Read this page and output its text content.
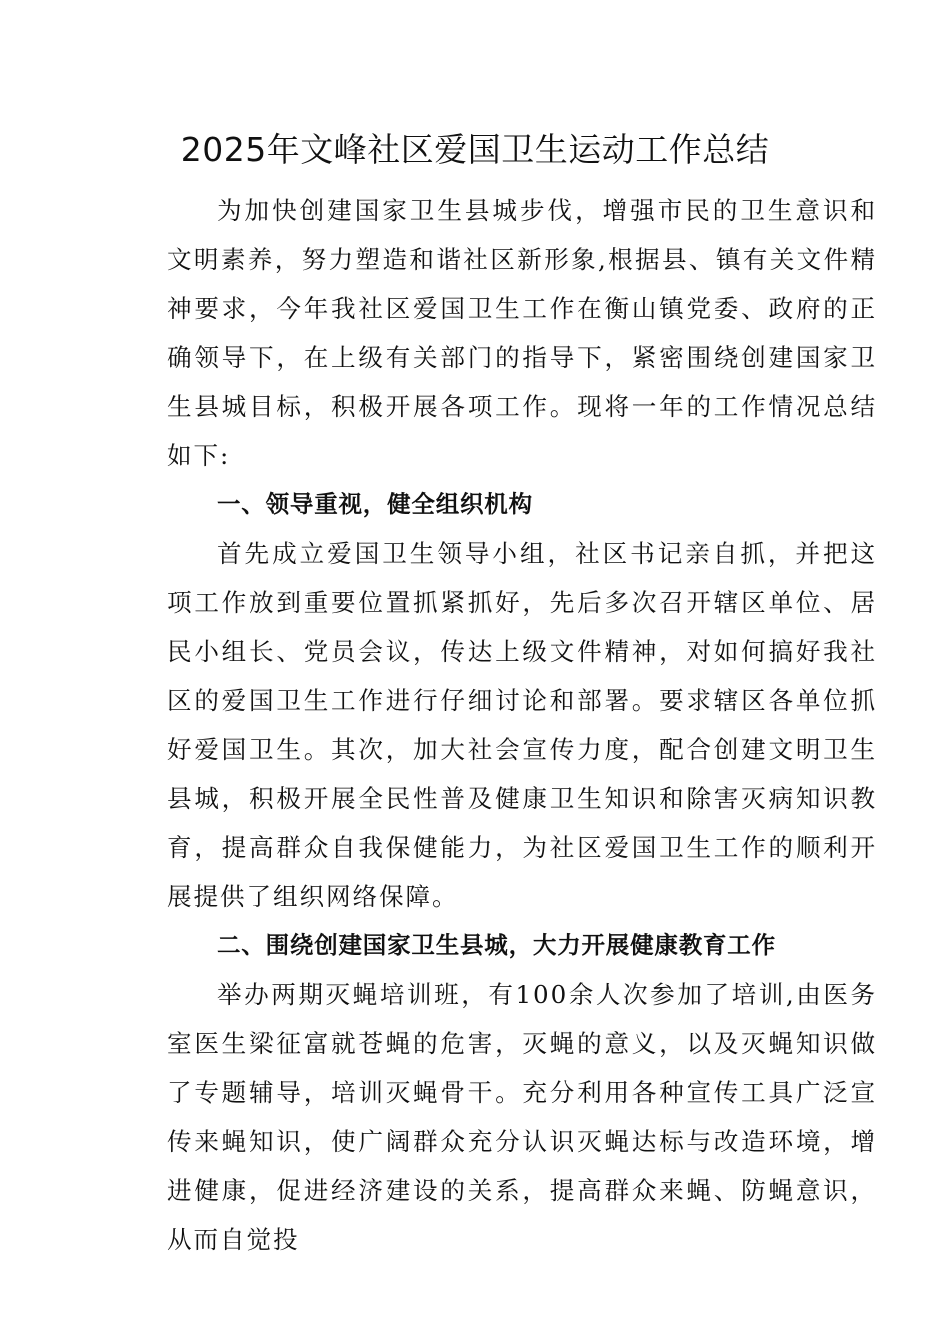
2025年文峰社区爱国卫生运动工作总结

为加快创建国家卫生县城步伐，增强市民的卫生意识和文明素养，努力塑造和谐社区新形象,根据县、镇有关文件精神要求，今年我社区爱国卫生工作在衡山镇党委、政府的正确领导下，在上级有关部门的指导下，紧密围绕创建国家卫生县城目标，积极开展各项工作。现将一年的工作情况总结如下:

一、领导重视，健全组织机构

首先成立爱国卫生领导小组，社区书记亲自抓，并把这项工作放到重要位置抓紧抓好，先后多次召开辖区单位、居民小组长、党员会议，传达上级文件精神，对如何搞好我社区的爱国卫生工作进行仔细讨论和部署。要求辖区各单位抓好爱国卫生。其次，加大社会宣传力度，配合创建文明卫生县城，积极开展全民性普及健康卫生知识和除害灭病知识教育，提高群众自我保健能力，为社区爱国卫生工作的顺利开展提供了组织网络保障。

二、围绕创建国家卫生县城，大力开展健康教育工作

举办两期灭蝇培训班，有100余人次参加了培训,由医务室医生梁征富就苍蝇的危害，灭蝇的意义，以及灭蝇知识做了专题辅导，培训灭蝇骨干。充分利用各种宣传工具广泛宣传来蝇知识，使广阔群众充分认识灭蝇达标与改造环境，增进健康，促进经济建设的关系，提高群众来蝇、防蝇意识，从而自觉投
